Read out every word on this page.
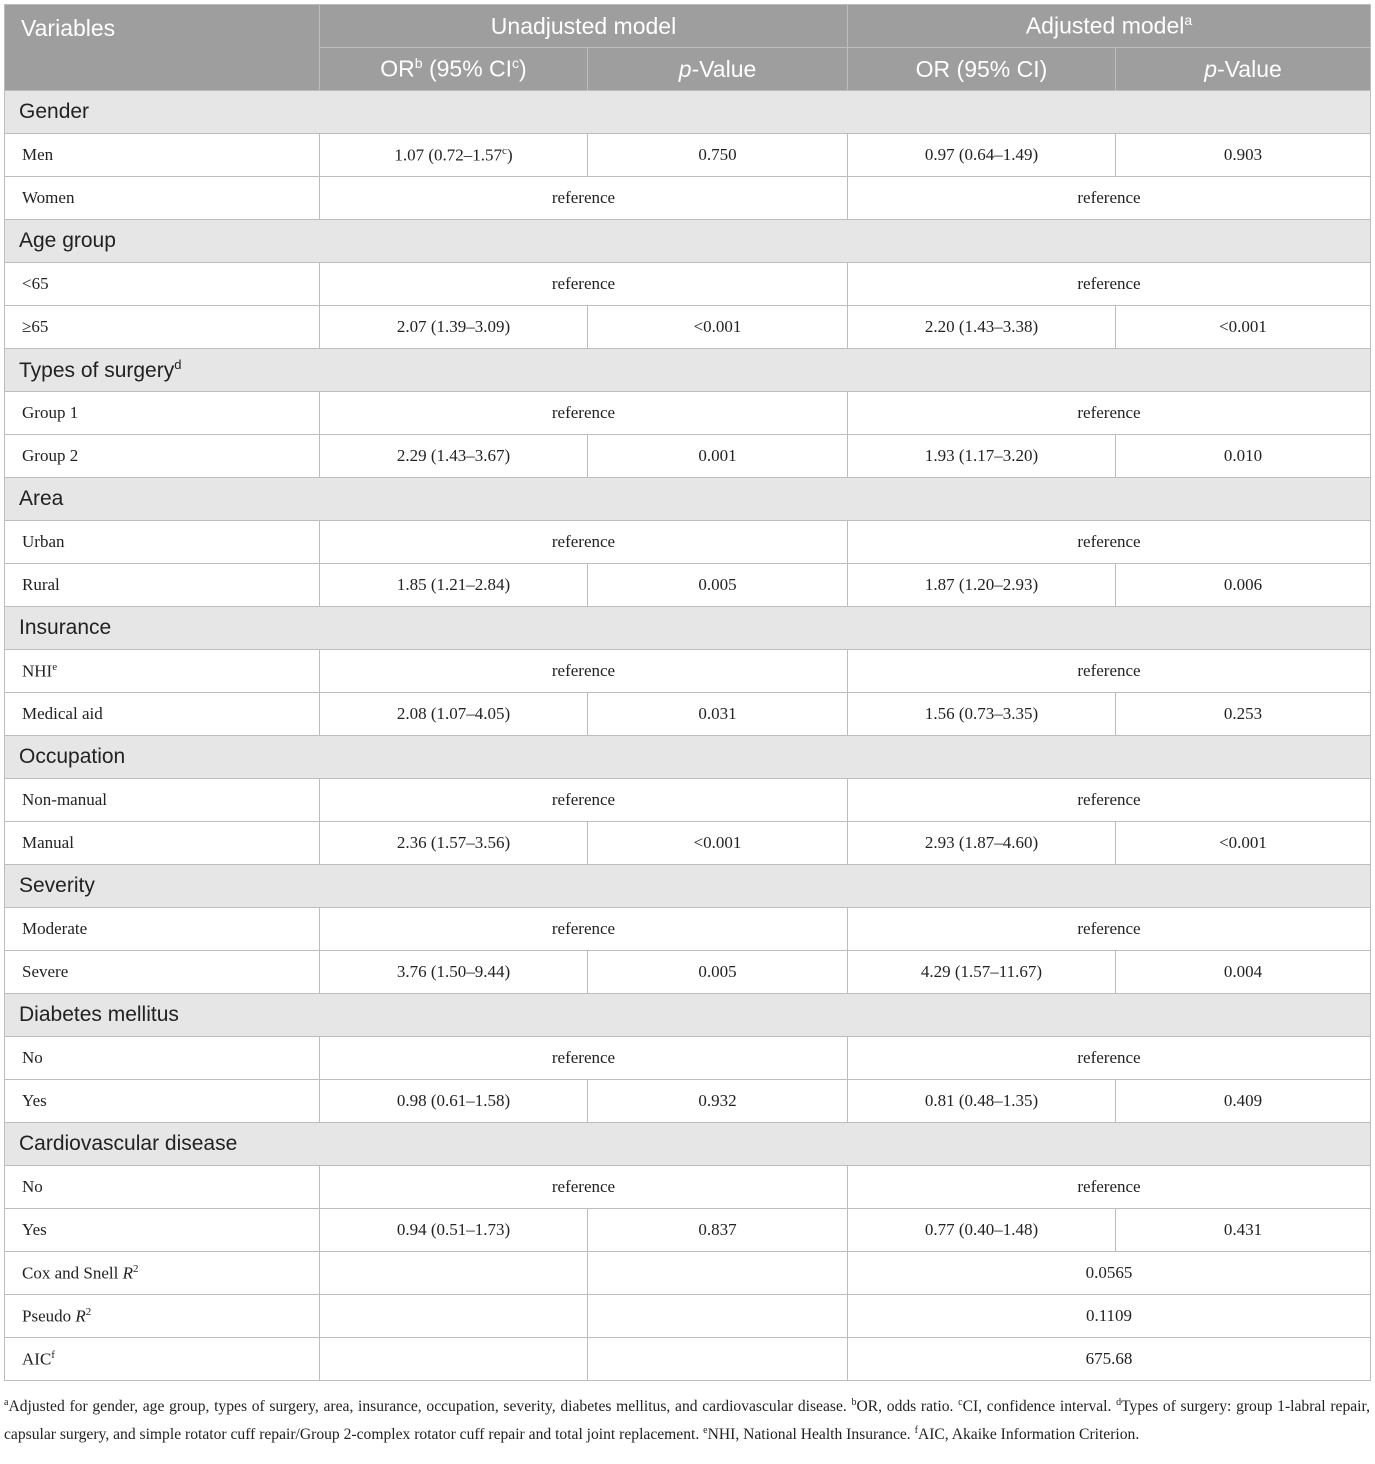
Variables	Unadjusted model		Adjusted model$^a$
	$OR^b$ (95% $CI^c$)	p-Value	OR (95% CI)	p-Value
Gender				
Men	1.07 (0.72–1.57$^c$)	0.750	0.97 (0.64–1.49)	0.903
Women	reference		reference	
Age group				
<65	reference		reference	
≥65	2.07 (1.39–3.09)	<0.001	2.20 (1.43–3.38)	<0.001
Types of surgery$^d$
Group 1	reference		reference	
Group 2	2.29 (1.43–3.67)	0.001	1.93 (1.17–3.20)	0.010
Area				
Urban	reference		reference	
Rural	1.85 (1.21–2.84)	0.005	1.87 (1.20–2.93)	0.006
Insurance				
NHI$^e$	reference		reference	
Medical aid	2.08 (1.07–4.05)	0.031	1.56 (0.73–3.35)	0.253
Occupation				
Non-manual	reference		reference	
Manual	2.36 (1.57–3.56)	<0.001	2.93 (1.87–4.60)	<0.001
Severity				
Moderate	reference		reference	
Severe	3.76 (1.50–9.44)	0.005	4.29 (1.57–11.67)	0.004
Diabetes mellitus				
No	reference		reference	
Yes	0.98 (0.61–1.58)	0.932	0.81 (0.48–1.35)	0.409
Cardiovascular disease				
No	reference		reference	
Yes	0.94 (0.51–1.73)	0.837	0.77 (0.40–1.48)	0.431
Cox and Snell $R^2$			0.0565	
Pseudo $R^2$			0.1109	
AIC$^f$			675.68	
$^a$Adjusted for gender, age group, types of surgery, area, insurance, occupation, severity, diabetes mellitus, and cardiovascular disease. $^b$OR, odds ratio. $^c$CI, confidence interval. $^d$Types of surgery: group 1-labral repair, capsular surgery, and simple rotator cuff repair/Group 2-complex rotator cuff repair and total joint replacement. $^e$NHI, National Health Insurance. $^f$AIC, Akaike Information Criterion.
